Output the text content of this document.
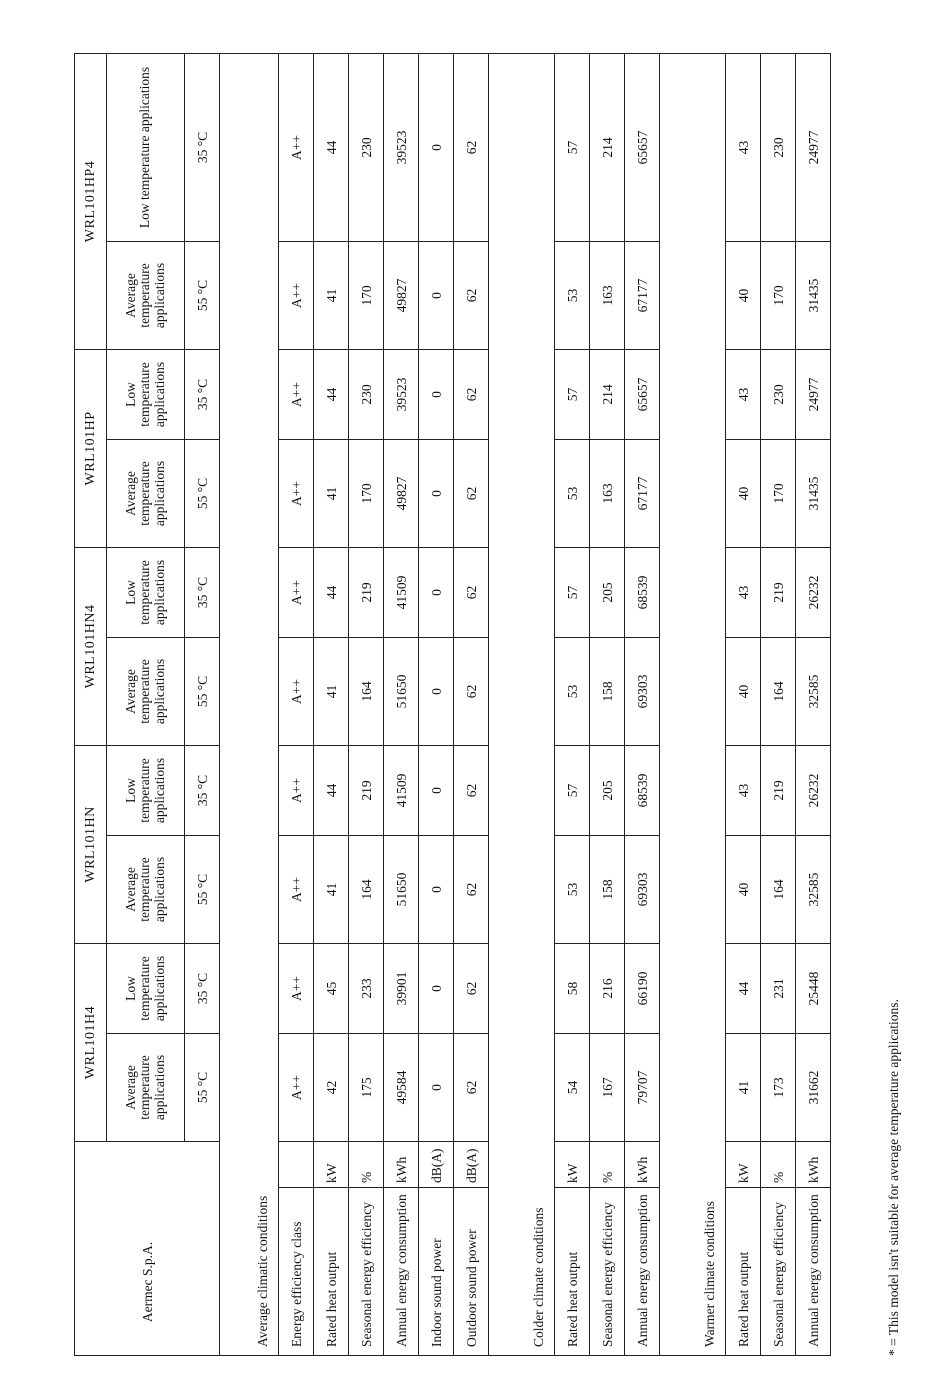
Aermec S.p.A.		WRL101H4		WRL101HN		WRL101HN4		WRL101HP		WRL101HP4	
		Average temperature applications	Low temperature applications	Average temperature applications	Low temperature applications	Average temperature applications	Low temperature applications	Average temperature applications	Low temperature applications	Average temperature applications	Low temperature applications
		55 °C	35 °C	55 °C	35 °C	55 °C	35 °C	55 °C	35 °C	55 °C	35 °C

Average climatic conditions											
Energy efficiency class		A++	A++	A++	A++	A++	A++	A++	A++	A++	A++
Rated heat output	kW	42	45	41	44	41	44	41	44	41	44
Seasonal energy efficiency	%	175	233	164	219	164	219	170	230	170	230
Annual energy consumption	kWh	49584	39901	51650	41509	51650	41509	49827	39523	49827	39523
Indoor sound power	dB(A)	0	0	0	0	0	0	0	0	0	0
Outdoor sound power	dB(A)	62	62	62	62	62	62	62	62	62	62

Colder climate conditions											
Rated heat output	kW	54	58	53	57	53	57	53	57	53	57
Seasonal energy efficiency	%	167	216	158	205	158	205	163	214	163	214
Annual energy consumption	kWh	79707	66190	69303	68539	69303	68539	67177	65657	67177	65657

Warmer climate conditions											
Rated heat output	kW	41	44	40	43	40	43	40	43	40	43
Seasonal energy efficiency	%	173	231	164	219	164	219	170	230	170	230
Annual energy consumption	kWh	31662	25448	32585	26232	32585	26232	31435	24977	31435	24977
* = This model isn't suitable for average temperature applications.
